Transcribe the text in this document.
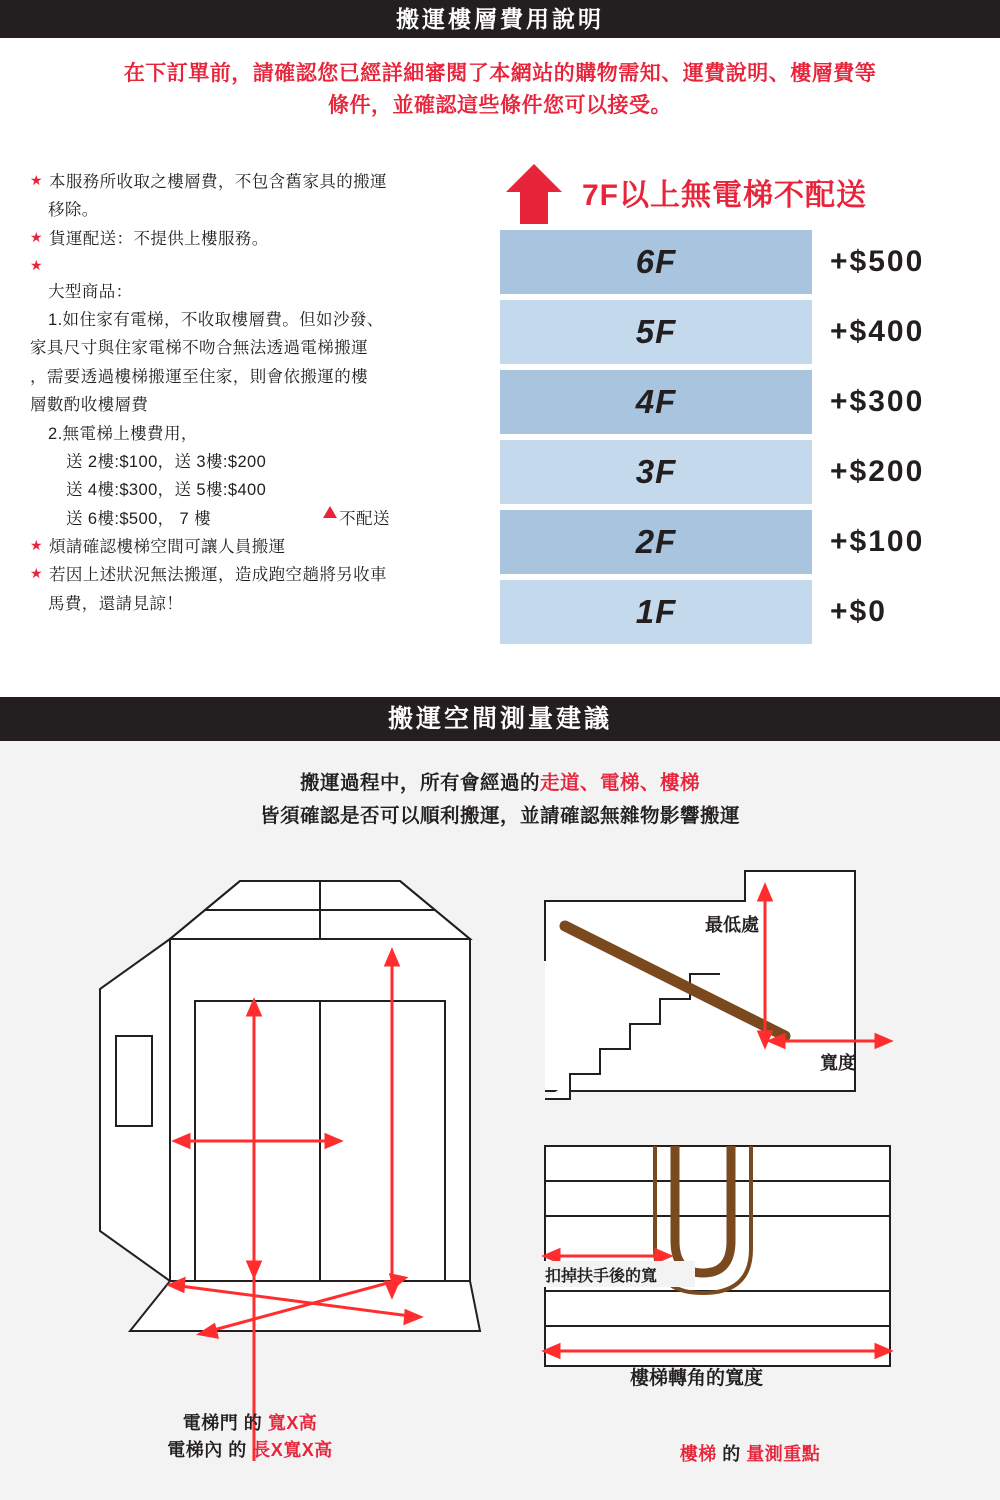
搬運樓層費用說明
在下訂單前，請確認您已經詳細審閱了本網站的購物需知、運費說明、樓層費等
條件，並確認這些條件您可以接受。
★ 本服務所收取之樓層費，不包含舊家具的搬運
移除。
★ 貨運配送：不提供上樓服務。
★
大型商品：
1.如住家有電梯，不收取樓層費。但如沙發、
家具尺寸與住家電梯不吻合無法透過電梯搬運
，需要透過樓梯搬運至住家，則會依搬運的樓
層數酌收樓層費
2.無電梯上樓費用，
送 2樓:$100，送 3樓:$200
送 4樓:$300，送 5樓:$400
送 6樓:$500， 7 樓	不配送
★ 煩請確認樓梯空間可讓人員搬運
★ 若因上述狀況無法搬運，造成跑空趟將另收車
馬費，還請見諒！
7F以上無電梯不配送
6F	+$500
5F	+$400
4F	+$300
3F	+$200
2F	+$100
1F	+$0
搬運空間測量建議
搬運過程中，所有會經過的走道、電梯、樓梯
皆須確認是否可以順利搬運，並請確認無雜物影響搬運
最低處
寬度
扣掉扶手後的寬
樓梯轉角的寬度
電梯門 的 寬X高
電梯內 的 長X寬X高	樓梯 的 量測重點
